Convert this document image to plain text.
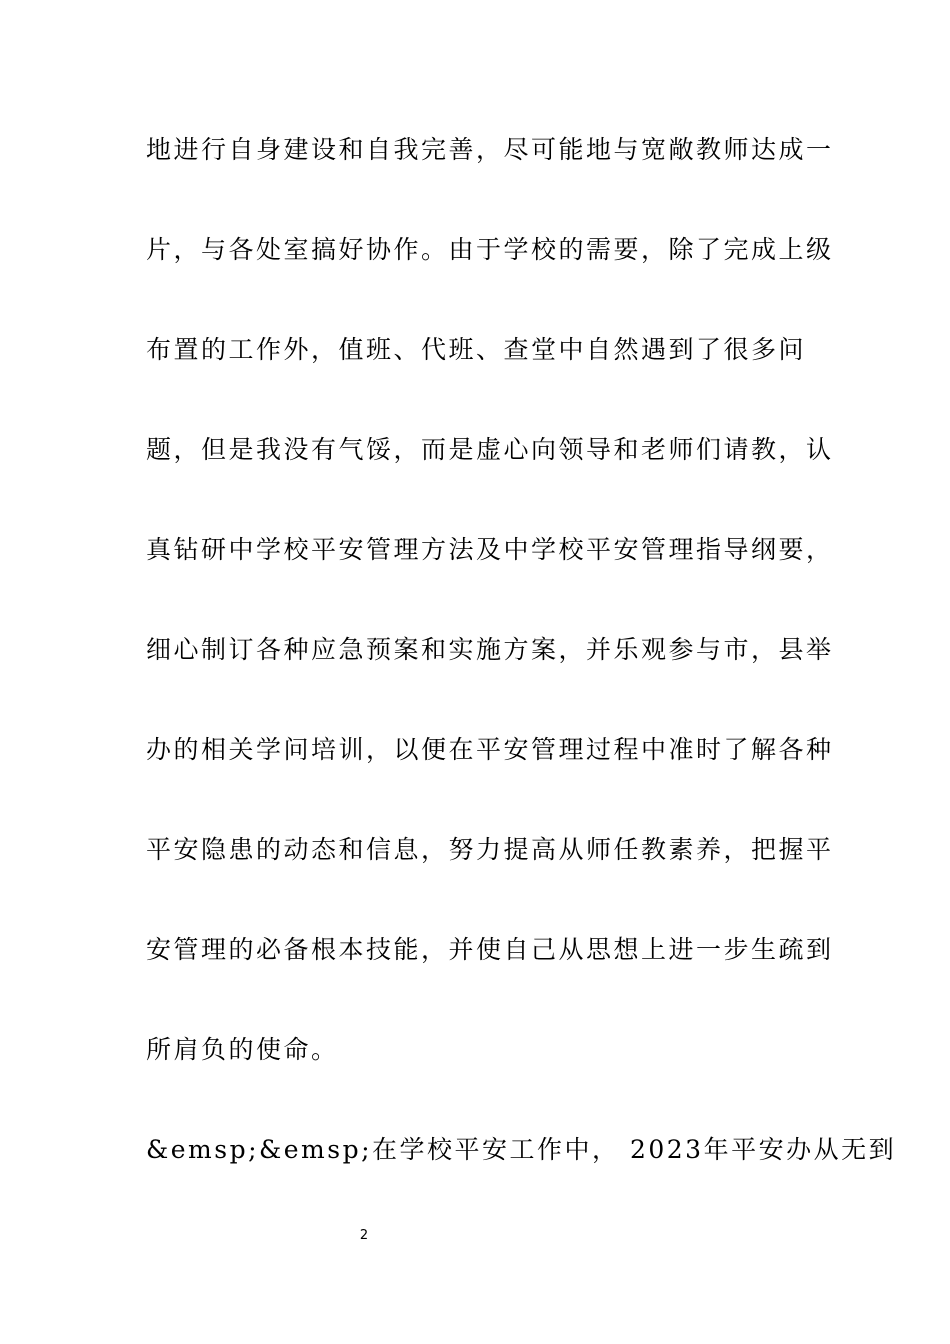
地进行自身建设和自我完善，尽可能地与宽敞教师达成一
片，与各处室搞好协作。由于学校的需要，除了完成上级
布置的工作外，值班、代班、查堂中自然遇到了很多问
题，但是我没有气馁，而是虚心向领导和老师们请教，认
真钻研中学校平安管理方法及中学校平安管理指导纲要，
细心制订各种应急预案和实施方案，并乐观参与市，县举
办的相关学问培训，以便在平安管理过程中准时了解各种
平安隐患的动态和信息，努力提高从师任教素养，把握平
安管理的必备根本技能，并使自己从思想上进一步生疏到
所肩负的使命。
&emsp;&emsp;在学校平安工作中， 2023年平安办从无到
2
